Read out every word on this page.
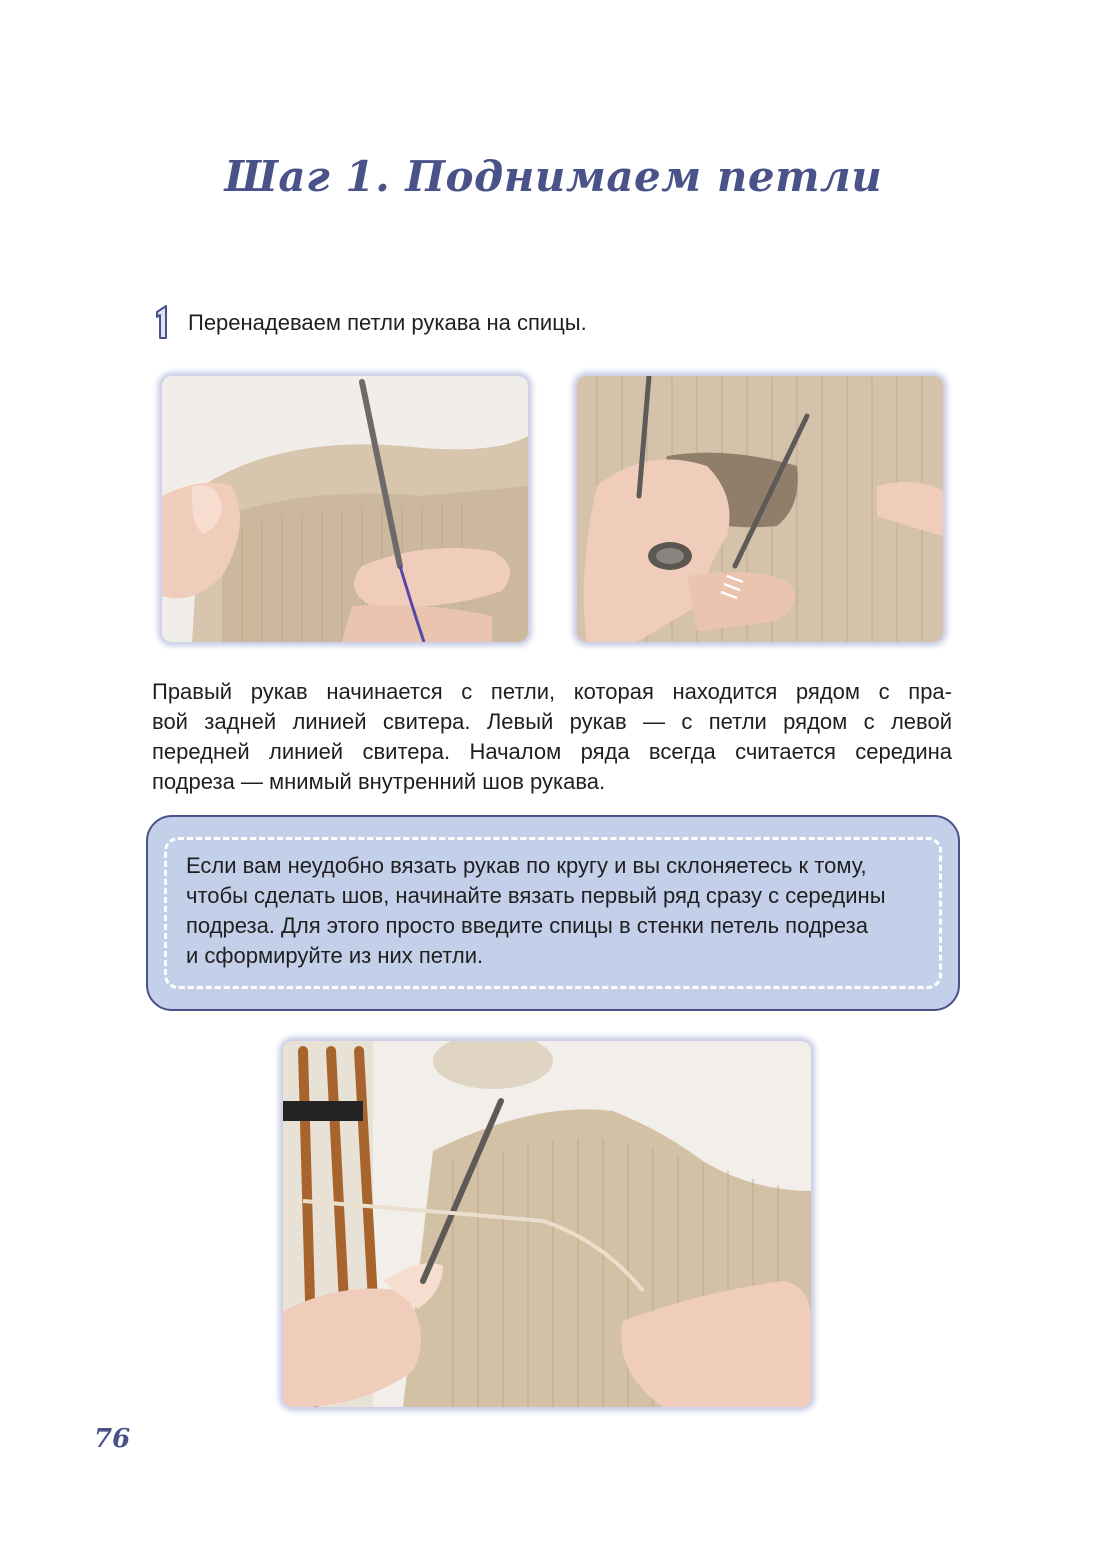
Шаг 1. Поднимаем петли
Перенадеваем петли рукава на спицы.

Правый рукав начинается с петли, которая находится рядом с пра-
вой задней линией свитера. Левый рукав — с петли рядом с левой
передней линией свитера. Началом ряда всегда считается середина
подреза — мнимый внутренний шов рукава.

Если вам неудобно вязать рукав по кругу и вы склоняетесь к тому,
чтобы сделать шов, начинайте вязать первый ряд сразу с середины
подреза. Для этого просто введите спицы в стенки петель подреза
и сформируйте из них петли.

76
